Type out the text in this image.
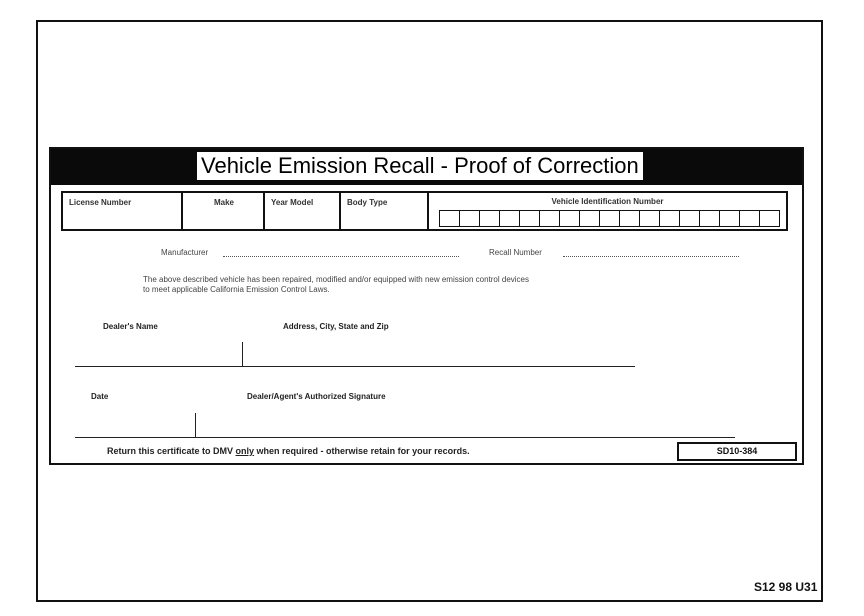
Vehicle Emission Recall - Proof of Correction
License Number	Make	Year Model	Body Type	Vehicle Identification Number
Manufacturer	Recall Number
The above described vehicle has been repaired, modified and/or equipped with new emission control devices
to meet applicable California Emission Control Laws.
Dealer's Name	Address, City, State and Zip
Date	Dealer/Agent's Authorized Signature
Return this certificate to DMV only when required - otherwise retain for your records.	SD10-384
S12 98 U31
